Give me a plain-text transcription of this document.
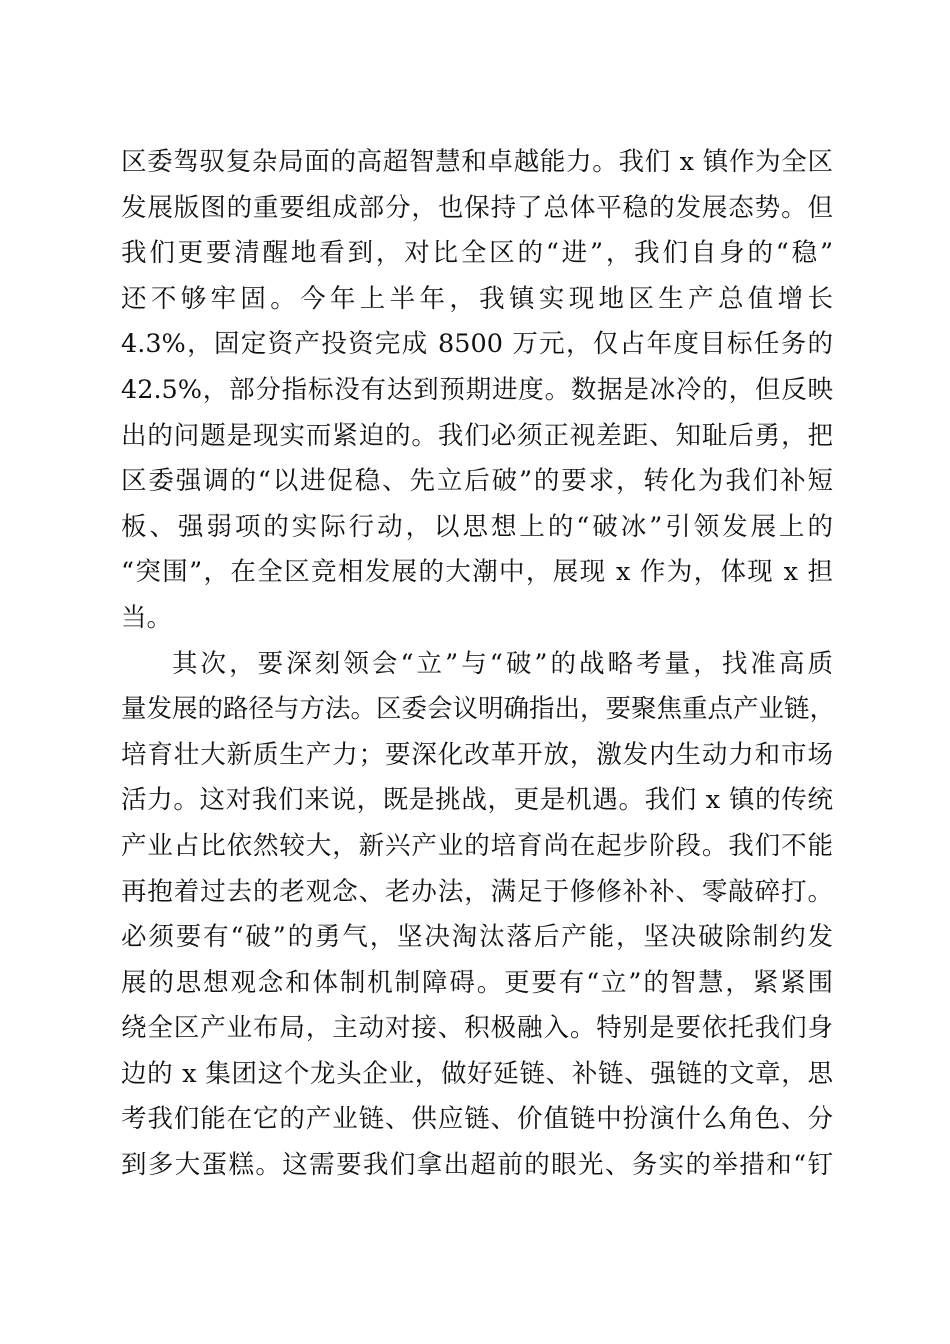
区委驾驭复杂局面的高超智慧和卓越能力。我们 x 镇作为全区
发展版图的重要组成部分，也保持了总体平稳的发展态势。但
我们更要清醒地看到，对比全区的“进”，我们自身的“稳”
还不够牢固。今年上半年，我镇实现地区生产总值增长
4.3%，固定资产投资完成 8500 万元，仅占年度目标任务的
42.5%，部分指标没有达到预期进度。数据是冰冷的，但反映
出的问题是现实而紧迫的。我们必须正视差距、知耻后勇，把
区委强调的“以进促稳、先立后破”的要求，转化为我们补短
板、强弱项的实际行动，以思想上的“破冰”引领发展上的
“突围”，在全区竞相发展的大潮中，展现 x 作为，体现 x 担
当。
其次，要深刻领会“立”与“破”的战略考量，找准高质
量发展的路径与方法。区委会议明确指出，要聚焦重点产业链，
培育壮大新质生产力；要深化改革开放，激发内生动力和市场
活力。这对我们来说，既是挑战，更是机遇。我们 x 镇的传统
产业占比依然较大，新兴产业的培育尚在起步阶段。我们不能
再抱着过去的老观念、老办法，满足于修修补补、零敲碎打。
必须要有“破”的勇气，坚决淘汰落后产能，坚决破除制约发
展的思想观念和体制机制障碍。更要有“立”的智慧，紧紧围
绕全区产业布局，主动对接、积极融入。特别是要依托我们身
边的 x 集团这个龙头企业，做好延链、补链、强链的文章，思
考我们能在它的产业链、供应链、价值链中扮演什么角色、分
到多大蛋糕。这需要我们拿出超前的眼光、务实的举措和“钉
